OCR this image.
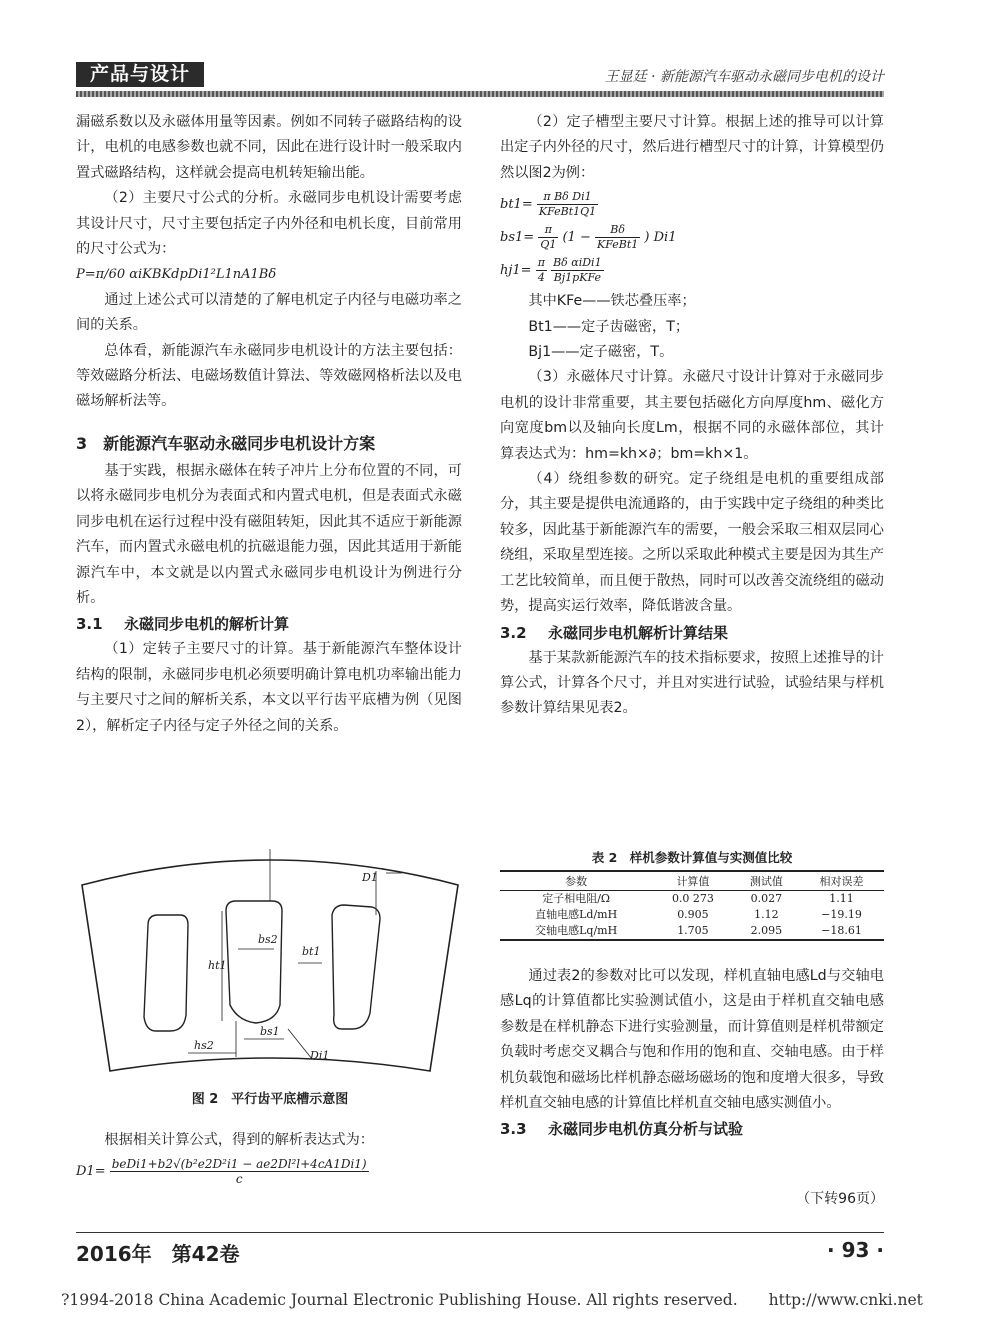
产品与设计	王显廷 · 新能源汽车驱动永磁同步电机的设计

漏磁系数以及永磁体用量等因素。例如不同转子磁路结构的设计，电机的电感参数也就不同，因此在进行设计时一般采取内置式磁路结构，这样就会提高电机转矩输出能。

（2）主要尺寸公式的分析。永磁同步电机设计需要考虑其设计尺寸，尺寸主要包括定子内外径和电机长度，目前常用的尺寸公式为：

P=π/60 αiKBKdpDi1²L1nA1Bδ

通过上述公式可以清楚的了解电机定子内径与电磁功率之间的关系。

总体看，新能源汽车永磁同步电机设计的方法主要包括：等效磁路分析法、电磁场数值计算法、等效磁网格析法以及电磁场解析法等。

3　新能源汽车驱动永磁同步电机设计方案

基于实践，根据永磁体在转子冲片上分布位置的不同，可以将永磁同步电机分为表面式和内置式电机，但是表面式永磁同步电机在运行过程中没有磁阻转矩，因此其不适应于新能源汽车，而内置式永磁电机的抗磁退能力强，因此其适用于新能源汽车中，本文就是以内置式永磁同步电机设计为例进行分析。

3.1 永磁同步电机的解析计算

（1）定转子主要尺寸的计算。基于新能源汽车整体设计结构的限制，永磁同步电机必须要明确计算电机功率输出能力与主要尺寸之间的解析关系，本文以平行齿平底槽为例（见图2），解析定子内径与定子外径之间的关系。

D1
bs2
bt1
ht1
bs1
hs2
Di1
图 2　平行齿平底槽示意图

根据相关计算公式，得到的解析表达式为：

$D1= \frac{\text{beDi1+b2√(b²e2D²i1 − ae2Dl²l+4cA1Di1)}}{c}$

（2）定子槽型主要尺寸计算。根据上述的推导可以计算出定子内外径的尺寸，然后进行槽型尺寸的计算，计算模型仍然以图2为例：

$bt1= \frac{\text{π Bδ Di1}}{\text{KFeBt1Q1}}$
$bs1= \frac{\pi}{Q1} (1 - \frac{B\delta}{\text{KFeBt1}}$ ) Di1
$hj1= \frac{\pi}{4}$
$\frac{\text{Bδ αiDi1}}{\text{Bj1pKFe}}$

其中KFe——铁芯叠压率；

Bt1——定子齿磁密，T；

Bj1——定子磁密，T。

（3）永磁体尺寸计算。永磁尺寸设计计算对于永磁同步电机的设计非常重要，其主要包括磁化方向厚度hm、磁化方向宽度bm以及轴向长度Lm，根据不同的永磁体部位，其计算表达式为：hm=kh×∂；bm=kh×1。

（4）绕组参数的研究。定子绕组是电机的重要组成部分，其主要是提供电流通路的，由于实践中定子绕组的种类比较多，因此基于新能源汽车的需要，一般会采取三相双层同心绕组，采取星型连接。之所以采取此种模式主要是因为其生产工艺比较简单，而且便于散热，同时可以改善交流绕组的磁动势，提高实运行效率，降低谐波含量。

3.2 永磁同步电机解析计算结果

基于某款新能源汽车的技术指标要求，按照上述推导的计算公式，计算各个尺寸，并且对实进行试验，试验结果与样机参数计算结果见表2。

表 2　样机参数计算值与实测值比较
参数	计算值	测试值	相对误差
定子相电阻/Ω	0.0 273	0.027	1.11
直轴电感Ld/mH	0.905	1.12	−19.19
交轴电感Lq/mH	1.705	2.095	−18.61

通过表2的参数对比可以发现，样机直轴电感Ld与交轴电感Lq的计算值都比实验测试值小，这是由于样机直交轴电感参数是在样机静态下进行实验测量，而计算值则是样机带额定负载时考虑交叉耦合与饱和作用的饱和直、交轴电感。由于样机负载饱和磁场比样机静态磁场磁场的饱和度增大很多，导致样机直交轴电感的计算值比样机直交轴电感实测值小。

3.3 永磁同步电机仿真分析与试验

（下转96页）
2016年　第42卷	· 93 ·
?1994-2018 China Academic Journal Electronic Publishing House. All rights reserved.　　http://www.cnki.net
